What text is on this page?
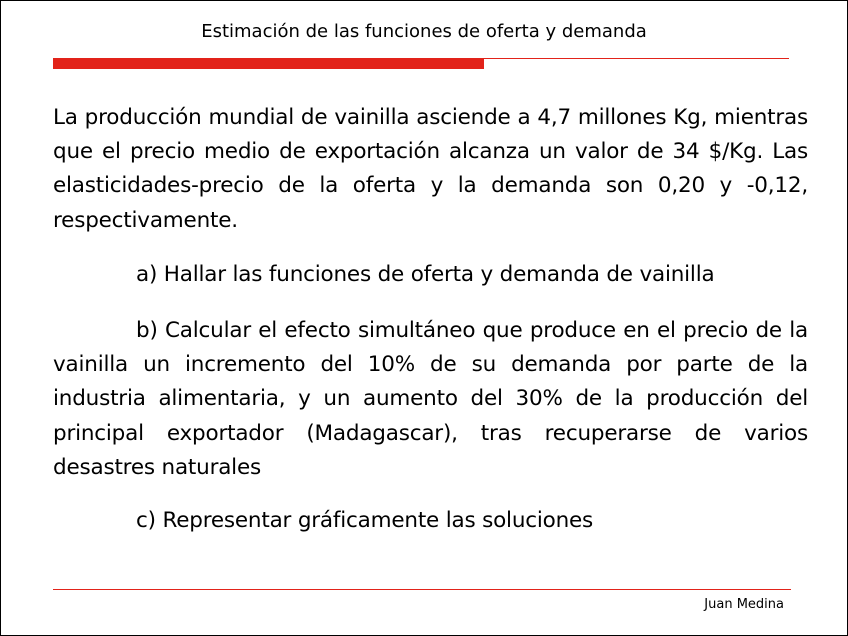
Estimación de las funciones de oferta y demanda

La producción mundial de vainilla asciende a 4,7 millones Kg, mientras que el precio medio de exportación alcanza un valor de 34 $/Kg. Las elasticidades-precio de la oferta y la demanda son 0,20 y -0,12, respectivamente.

a) Hallar las funciones de oferta y demanda de vainilla

b) Calcular el efecto simultáneo que produce en el precio de la vainilla un incremento del 10% de su demanda por parte de la industria alimentaria, y un aumento del 30% de la producción del principal exportador (Madagascar), tras recuperarse de varios desastres naturales

c) Representar gráficamente las soluciones

Juan Medina
